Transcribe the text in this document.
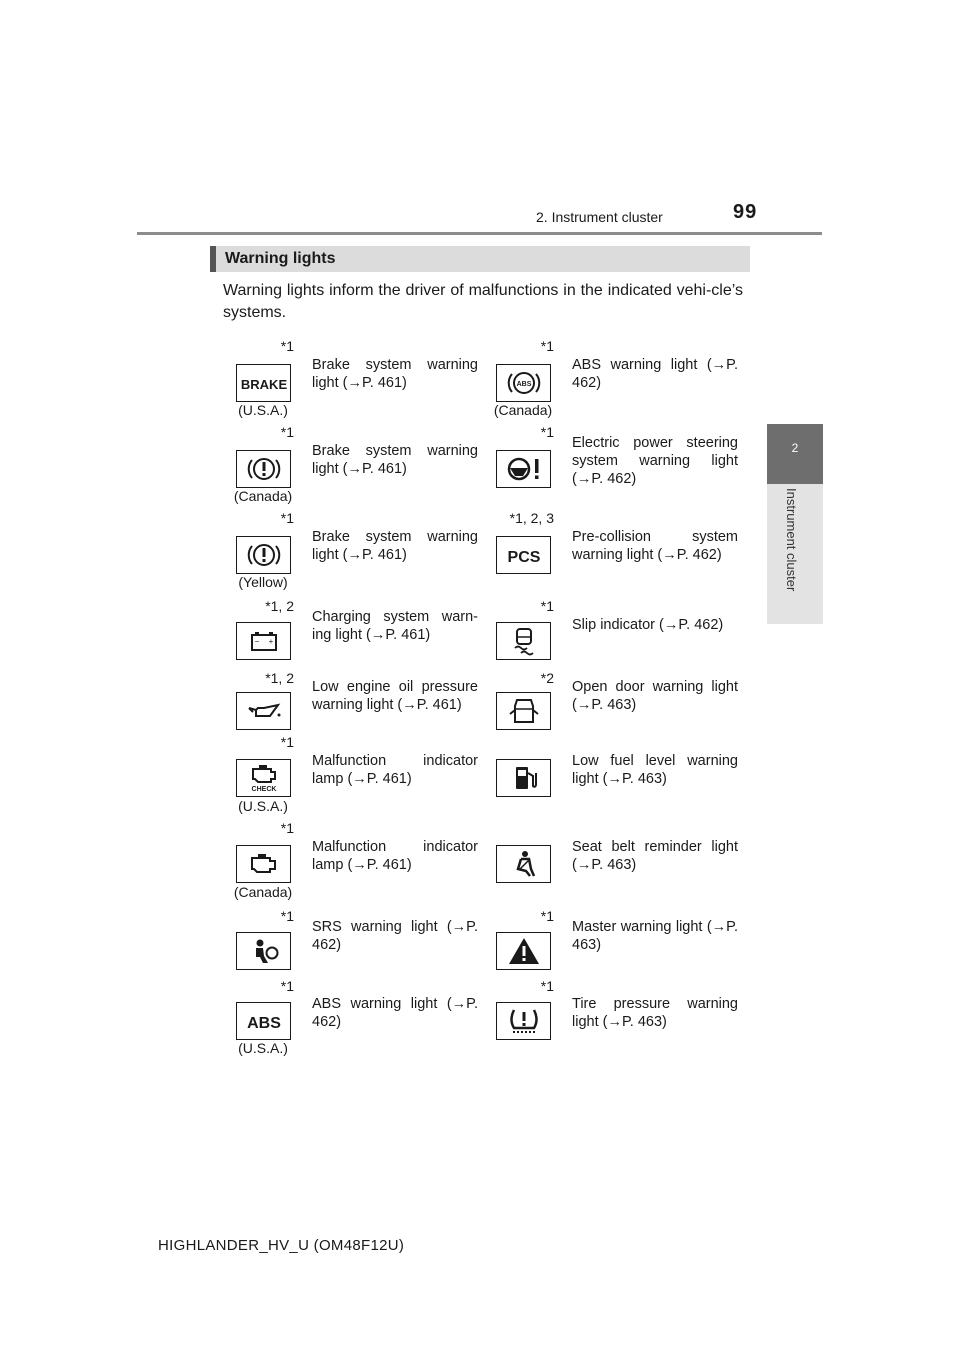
2. Instrument cluster	99
2
Instrument cluster
Warning lights
Warning lights inform the driver of malfunctions in the indicated vehi-cle’s systems.
*1
BRAKE
(U.S.A.)
Brake system warning light (→P. 461)
*1
ABS
(Canada)
ABS warning light (→P. 462)
*1
(Canada)
Brake system warning light (→P. 461)
*1
Electric power steering system warning light (→P. 462)
*1
(Yellow)
Brake system warning light (→P. 461)
*1, 2, 3
PCS
Pre-collision system warning light (→P. 462)
*1, 2
− +
Charging system warn-ing light (→P. 461)
*1
Slip indicator (→P. 462)
*1, 2
Low engine oil pressure warning light (→P. 461)
*2
Open door warning light (→P. 463)
*1
CHECK
(U.S.A.)
Malfunction indicator lamp (→P. 461)
Low fuel level warning light (→P. 463)
*1
(Canada)
Malfunction indicator lamp (→P. 461)
Seat belt reminder light (→P. 463)
*1
SRS warning light (→P. 462)
*1
Master warning light (→P. 463)
*1
ABS
(U.S.A.)
ABS warning light (→P. 462)
*1
Tire pressure warning light (→P. 463)
HIGHLANDER_HV_U (OM48F12U)
